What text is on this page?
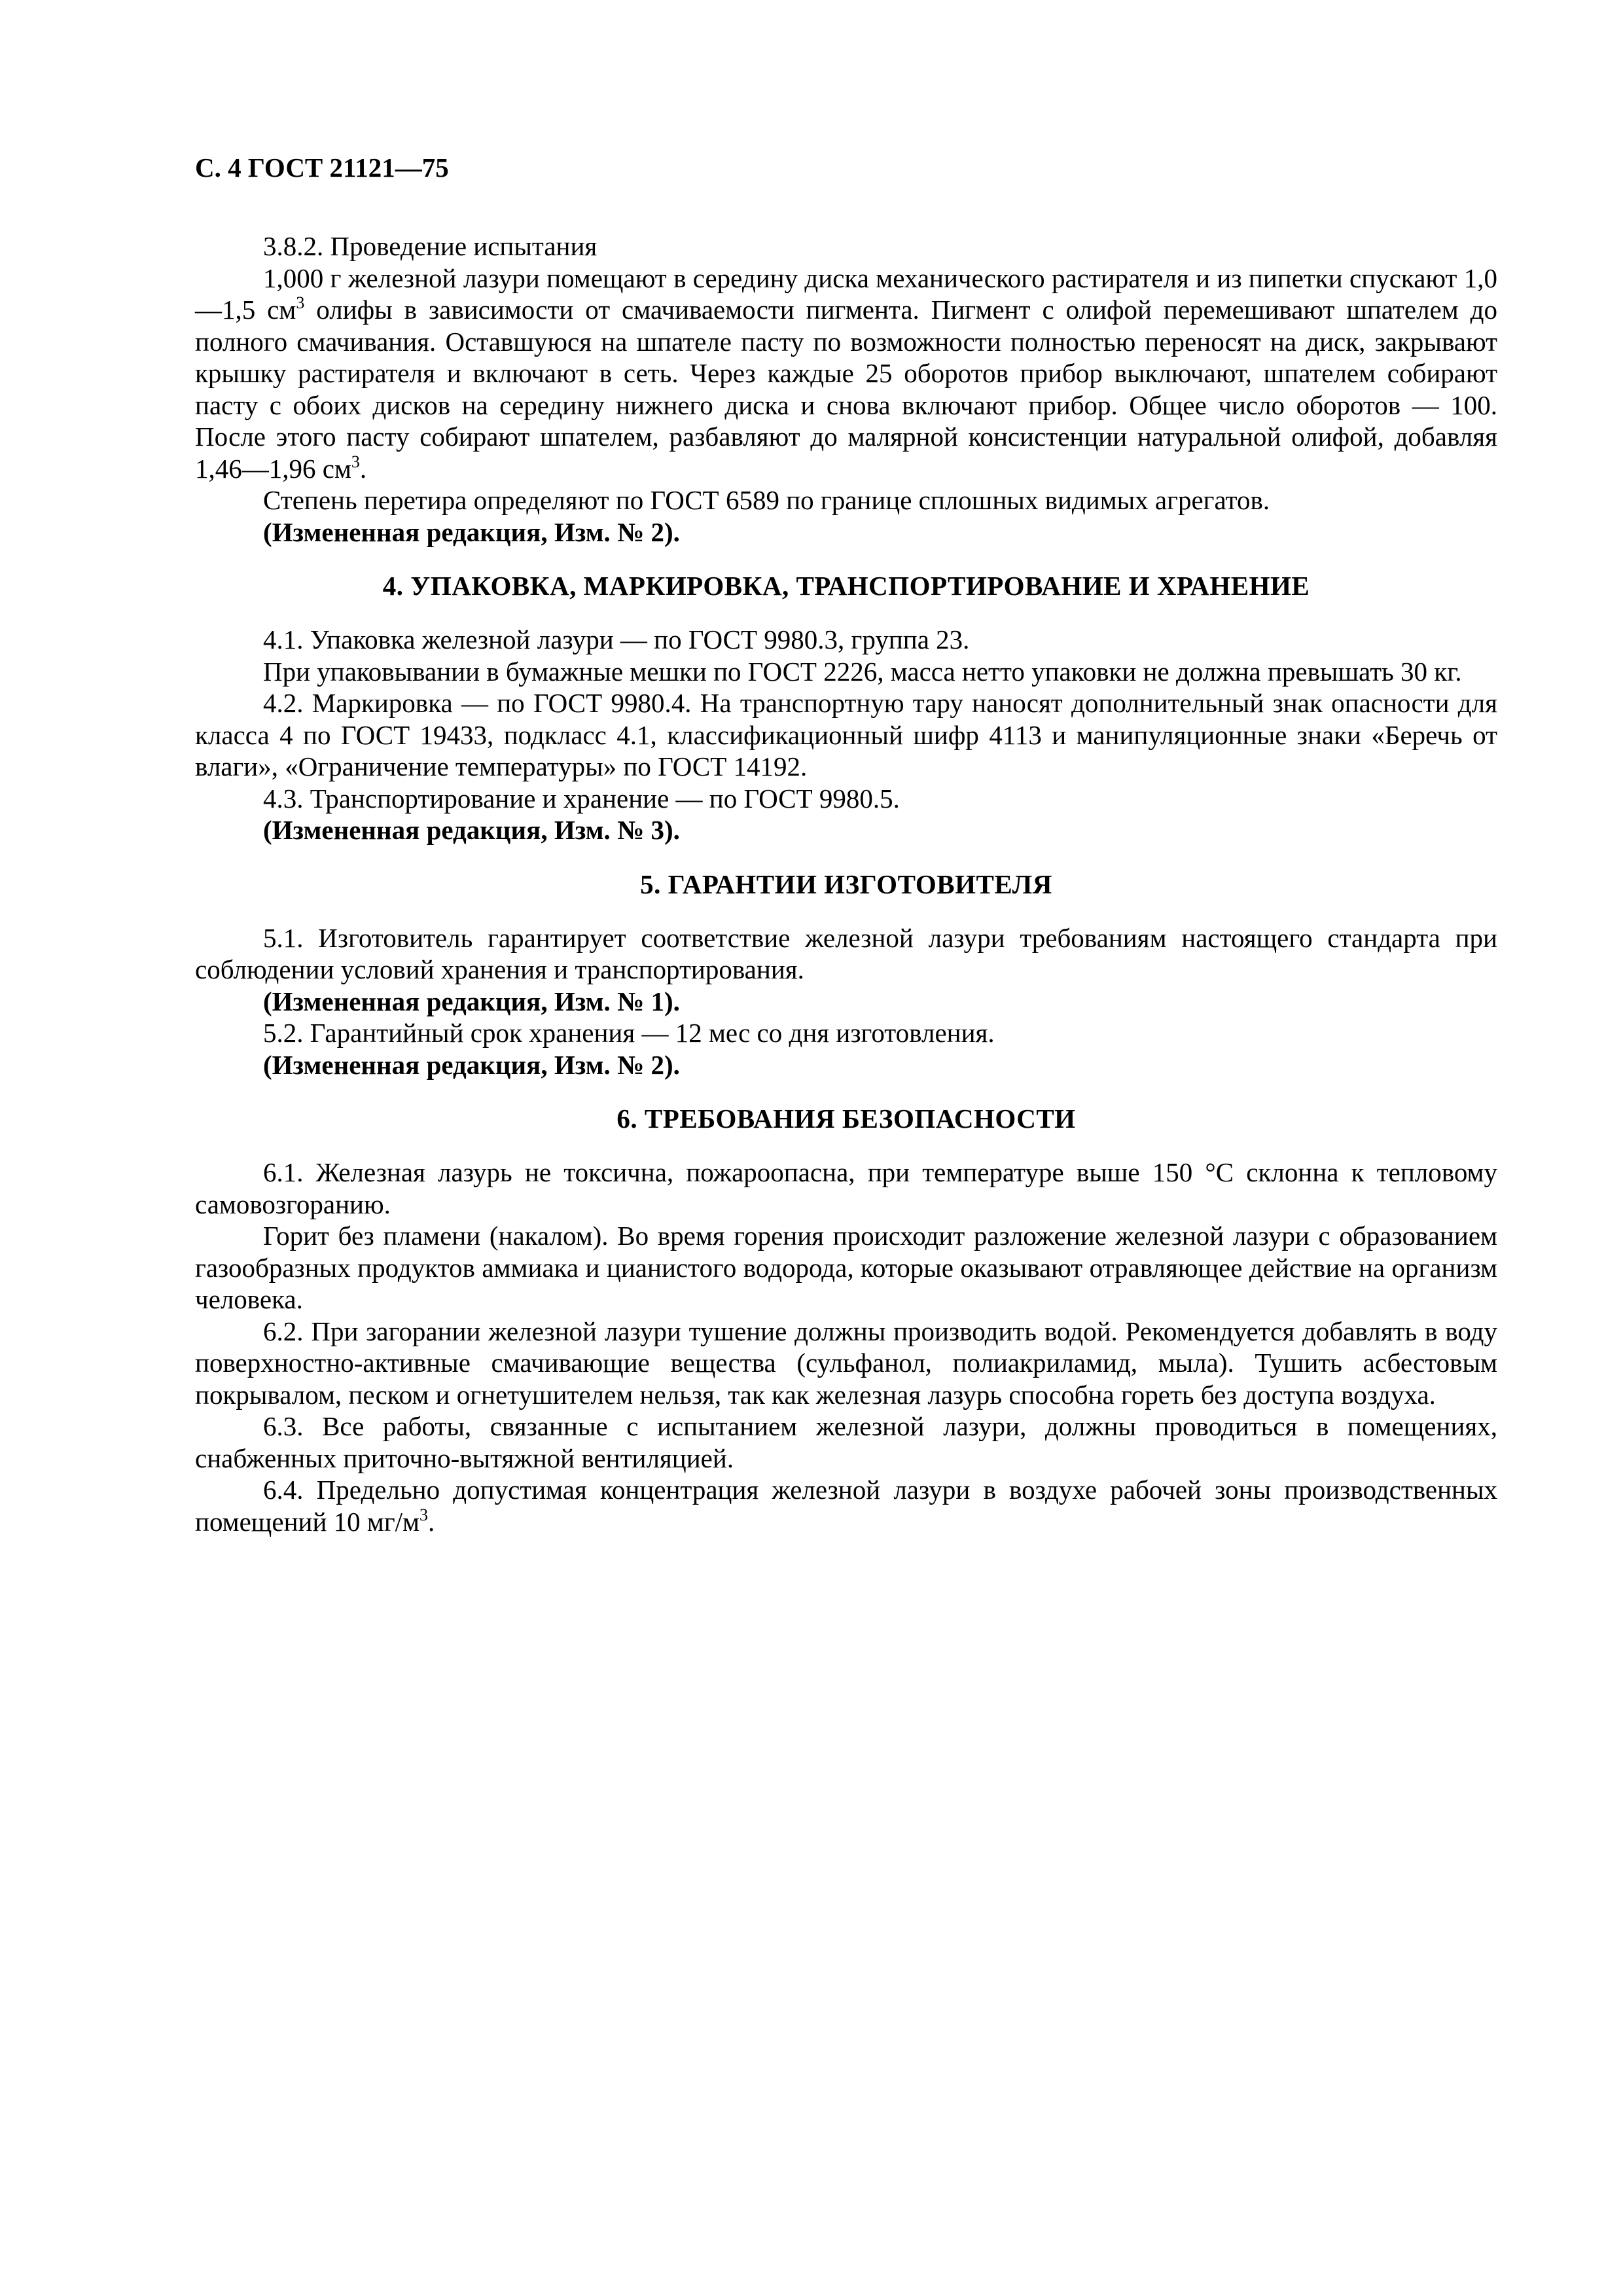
С. 4 ГОСТ 21121—75

3.8.2. Проведение испытания

1,000 г железной лазури помещают в середину диска механического растирателя и из пипетки спускают 1,0—1,5 $см^3$ олифы в зависимости от смачиваемости пигмента. Пигмент с олифой перемешивают шпателем до полного смачивания. Оставшуюся на шпателе пасту по возможности полностью переносят на диск, закрывают крышку растирателя и включают в сеть. Через каждые 25 оборотов прибор выключают, шпателем собирают пасту с обоих дисков на середину нижнего диска и снова включают прибор. Общее число оборотов — 100. После этого пасту собирают шпателем, разбавляют до малярной консистенции натуральной олифой, добавляя 1,46—1,96 $см^3$.

Степень перетира определяют по ГОСТ 6589 по границе сплошных видимых агрегатов.

(Измененная редакция, Изм. № 2).

4. УПАКОВКА, МАРКИРОВКА, ТРАНСПОРТИРОВАНИЕ И ХРАНЕНИЕ

4.1. Упаковка железной лазури — по ГОСТ 9980.3, группа 23.

При упаковывании в бумажные мешки по ГОСТ 2226, масса нетто упаковки не должна превышать 30 кг.

4.2. Маркировка — по ГОСТ 9980.4. На транспортную тару наносят дополнительный знак опасности для класса 4 по ГОСТ 19433, подкласс 4.1, классификационный шифр 4113 и манипуляционные знаки «Беречь от влаги», «Ограничение температуры» по ГОСТ 14192.

4.3. Транспортирование и хранение — по ГОСТ 9980.5.

(Измененная редакция, Изм. № 3).

5. ГАРАНТИИ ИЗГОТОВИТЕЛЯ

5.1. Изготовитель гарантирует соответствие железной лазури требованиям настоящего стандарта при соблюдении условий хранения и транспортирования.

(Измененная редакция, Изм. № 1).

5.2. Гарантийный срок хранения — 12 мес со дня изготовления.

(Измененная редакция, Изм. № 2).

6. ТРЕБОВАНИЯ БЕЗОПАСНОСТИ

6.1. Железная лазурь не токсична, пожароопасна, при температуре выше 150 °С склонна к тепловому самовозгоранию.

Горит без пламени (накалом). Во время горения происходит разложение железной лазури с образованием газообразных продуктов аммиака и цианистого водорода, которые оказывают отравляющее действие на организм человека.

6.2. При загорании железной лазури тушение должны производить водой. Рекомендуется добавлять в воду поверхностно-активные смачивающие вещества (сульфанол, полиакриламид, мыла). Тушить асбестовым покрывалом, песком и огнетушителем нельзя, так как железная лазурь способна гореть без доступа воздуха.

6.3. Все работы, связанные с испытанием железной лазури, должны проводиться в помещениях, снабженных приточно-вытяжной вентиляцией.

6.4. Предельно допустимая концентрация железной лазури в воздухе рабочей зоны производственных помещений 10 $мг/м^3$.
